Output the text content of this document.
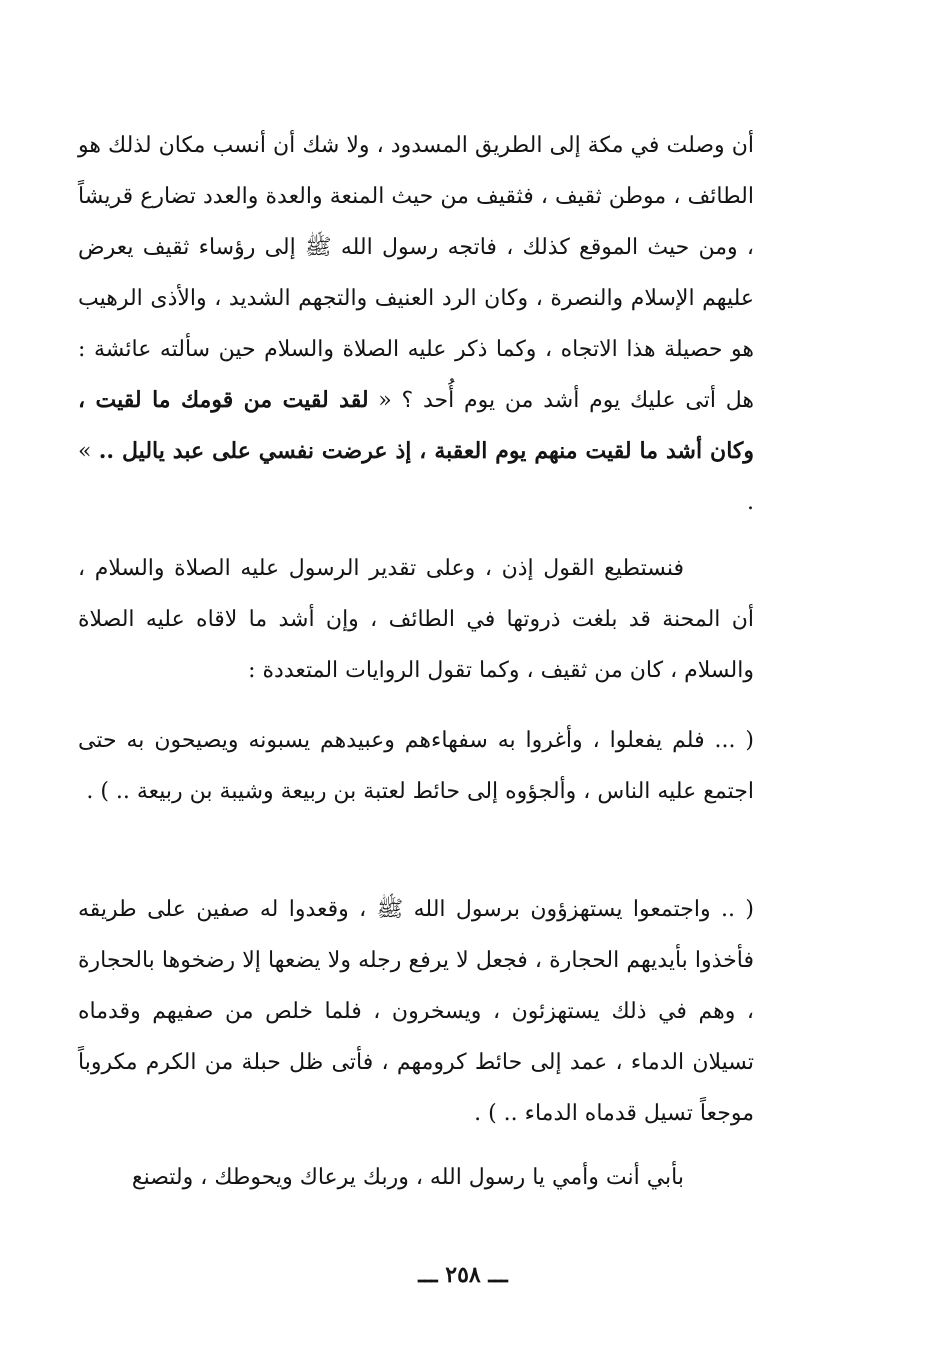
أن وصلت في مكة إلى الطريق المسدود ، ولا شك أن أنسب مكان لذلك هو الطائف ، موطن ثقيف ، فثقيف من حيث المنعة والعدة والعدد تضارع قريشاً ، ومن حيث الموقع كذلك ، فاتجه رسول الله ﷺ إلى رؤساء ثقيف يعرض عليهم الإسلام والنصرة ، وكان الرد العنيف والتجهم الشديد ، والأذى الرهيب هو حصيلة هذا الاتجاه ، وكما ذكر عليه الصلاة والسلام حين سألته عائشة : هل أتى عليك يوم أشد من يوم أُحد ؟ « لقد لقيت من قومك ما لقيت ، وكان أشد ما لقيت منهم يوم العقبة ، إذ عرضت نفسي على عبد ياليل .. » .

فنستطيع القول إذن ، وعلى تقدير الرسول عليه الصلاة والسلام ، أن المحنة قد بلغت ذروتها في الطائف ، وإن أشد ما لاقاه عليه الصلاة والسلام ، كان من ثقيف ، وكما تقول الروايات المتعددة :

( ... فلم يفعلوا ، وأغروا به سفهاءهم وعبيدهم يسبونه ويصيحون به حتى اجتمع عليه الناس ، وألجؤوه إلى حائط لعتبة بن ربيعة وشيبة بن ربيعة .. ) .

( .. واجتمعوا يستهزؤون برسول الله ﷺ ، وقعدوا له صفين على طريقه فأخذوا بأيديهم الحجارة ، فجعل لا يرفع رجله ولا يضعها إلا رضخوها بالحجارة ، وهم في ذلك يستهزئون ، ويسخرون ، فلما خلص من صفيهم وقدماه تسيلان الدماء ، عمد إلى حائط كرومهم ، فأتى ظل حبلة من الكرم مكروباً موجعاً تسيل قدماه الدماء .. ) .

بأبي أنت وأمي يا رسول الله ، وربك يرعاك ويحوطك ، ولتصنع

ـــ ٢٥٨ ـــ
